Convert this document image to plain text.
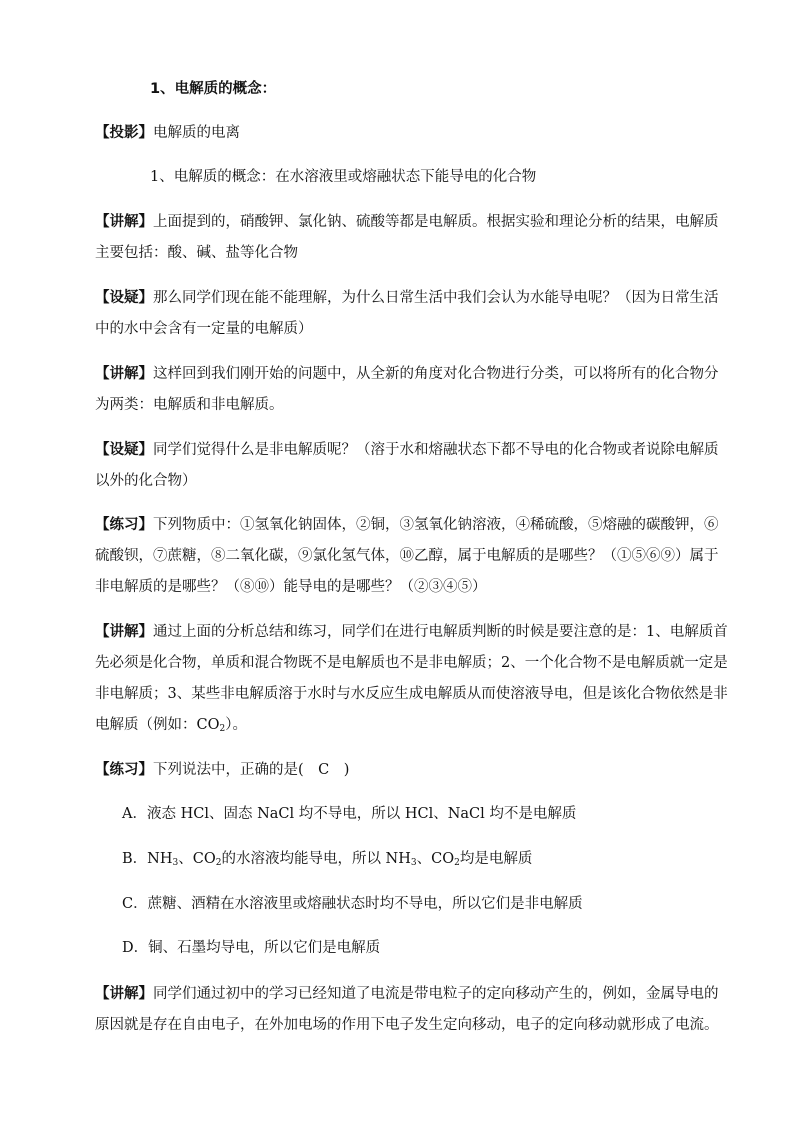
1、电解质的概念：
【投影】电解质的电离
1、电解质的概念：在水溶液里或熔融状态下能导电的化合物
【讲解】上面提到的，硝酸钾、氯化钠、硫酸等都是电解质。根据实验和理论分析的结果，电解质
主要包括：酸、碱、盐等化合物
【设疑】那么同学们现在能不能理解，为什么日常生活中我们会认为水能导电呢？（因为日常生活
中的水中会含有一定量的电解质）
【讲解】这样回到我们刚开始的问题中，从全新的角度对化合物进行分类，可以将所有的化合物分
为两类：电解质和非电解质。
【设疑】同学们觉得什么是非电解质呢？（溶于水和熔融状态下都不导电的化合物或者说除电解质
以外的化合物）
【练习】下列物质中：①氢氧化钠固体，②铜，③氢氧化钠溶液，④稀硫酸，⑤熔融的碳酸钾，⑥
硫酸钡，⑦蔗糖，⑧二氧化碳，⑨氯化氢气体，⑩乙醇，属于电解质的是哪些？（①⑤⑥⑨）属于
非电解质的是哪些？（⑧⑩）能导电的是哪些？（②③④⑤）
【讲解】通过上面的分析总结和练习，同学们在进行电解质判断的时候是要注意的是：1、电解质首
先必须是化合物，单质和混合物既不是电解质也不是非电解质；2、一个化合物不是电解质就一定是
非电解质；3、某些非电解质溶于水时与水反应生成电解质从而使溶液导电，但是该化合物依然是非
电解质（例如：$CO_2$）。
【练习】下列说法中，正确的是(　C　)
A．液态 HCl、固态 NaCl 均不导电，所以 HCl、NaCl 均不是电解质
B．$NH_3$、$CO_2$的水溶液均能导电，所以 $NH_3$、$CO_2$均是电解质
C．蔗糖、酒精在水溶液里或熔融状态时均不导电，所以它们是非电解质
D．铜、石墨均导电，所以它们是电解质
【讲解】同学们通过初中的学习已经知道了电流是带电粒子的定向移动产生的，例如，金属导电的
原因就是存在自由电子，在外加电场的作用下电子发生定向移动，电子的定向移动就形成了电流。
